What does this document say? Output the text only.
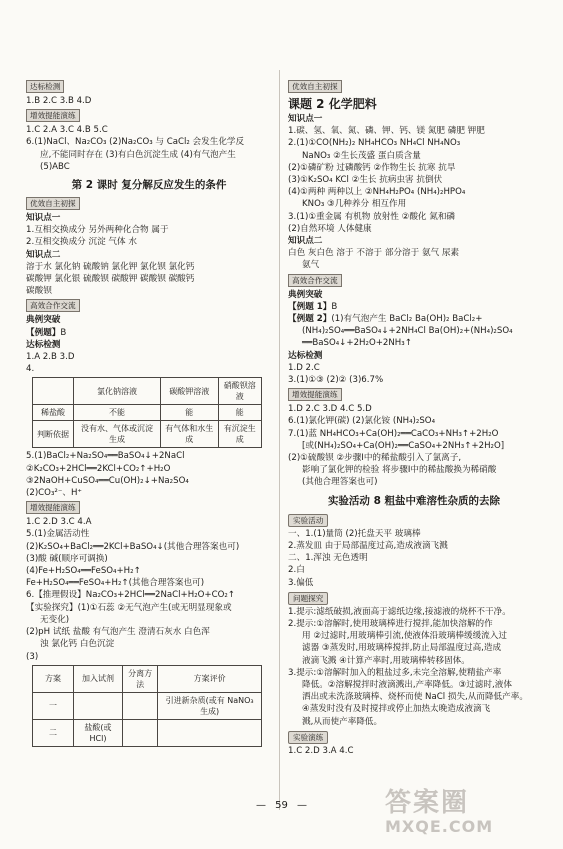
达标检测
1.B 2.C 3.B 4.D
增效提能演练
1.C 2.A 3.C 4.B 5.C
6.(1)NaCl、Na₂CO₃ (2)Na₂CO₃ 与 CaCl₂ 会发生化学反
应,不能同时存在 (3)有白色沉淀生成 (4)有气泡产生
(5)ABC
第 2 课时 复分解反应发生的条件
优效自主初探
知识点一
1.互相交换成分 另外两种化合物 属于
2.互相交换成分 沉淀 气体 水
知识点二
溶于水 氯化钠 硫酸钠 氯化钾 氯化钡 氯化钙
碳酸钾 氯化银 硫酸钡 碳酸钾 碳酸钡 碳酸钙
碳酸钡
高效合作交流
典例突破
【例题】B
达标检测
1.A 2.B 3.D
4.
	氯化钠溶液	碳酸钾溶液	硝酸钡溶液
稀盐酸	不能	能	能
判断依据	没有水、气体或沉淀生成	有气体和水生成	有沉淀生成
5.(1)BaCl₂+Na₂SO₄══BaSO₄↓+2NaCl
②K₂CO₃+2HCl══2KCl+CO₂↑+H₂O
③2NaOH+CuSO₄══Cu(OH)₂↓+Na₂SO₄
(2)CO₃²⁻、H⁺
增效提能演练
1.C 2.D 3.C 4.A
5.(1)金属活动性
(2)K₂SO₄+BaCl₂══2KCl+BaSO₄↓(其他合理答案也可)
(3)酸 碱(顺序可调换)
(4)Fe+H₂SO₄══FeSO₄+H₂↑
Fe+H₂SO₄══FeSO₄+H₂↑(其他合理答案也可)
6.【推理假设】Na₂CO₃+2HCl══2NaCl+H₂O+CO₂↑
【实验探究】(1)①石蕊 ②无气泡产生(或无明显现象或
无变化)
(2)pH 试纸 盐酸 有气泡产生 澄清石灰水 白色浑
浊 氯化钙 白色沉淀
(3)
方案	加入试剂	分离方法	方案评价
一			引进新杂质(或有 NaNO₃ 生成)
二	盐酸(或 HCl)		
优效自主初探
课题 2 化学肥料
知识点一
1.碳、氢、氧、氮、磷、钾、钙、镁 氮肥 磷肥 钾肥
2.(1)①CO(NH₂)₂ NH₄HCO₃ NH₄Cl NH₄NO₃
NaNO₃ ②生长茂盛 蛋白质含量
(2)①磷矿粉 过磷酸钙 ②作物生长 抗寒 抗旱
(3)①K₂SO₄ KCl ②生长 抗病虫害 抗倒伏
(4)①两种 两种以上 ②NH₄H₂PO₄ (NH₄)₂HPO₄
KNO₃ ③几种养分 相互作用
3.(1)①重金属 有机物 放射性 ②酸化 氮和磷
(2)自然环境 人体健康
知识点二
白色 灰白色 溶于 不溶于 部分溶于 氨气 尿素
氨气
高效合作交流
典例突破
【例题 1】B
【例题 2】(1)有气泡产生 BaCl₂ Ba(OH)₂ BaCl₂+
(NH₄)₂SO₄══BaSO₄↓+2NH₄Cl Ba(OH)₂+(NH₄)₂SO₄
══BaSO₄↓+2H₂O+2NH₃↑
达标检测
1.D 2.C
3.(1)①③ (2)② (3)6.7%
增效提能演练
1.D 2.C 3.D 4.C 5.D
6.(1)氯化钾(碳) (2)氯化铵 (NH₄)₂SO₄
7.(1)蓝 NH₄HCO₃+Ca(OH)₂══CaCO₃+NH₃↑+2H₂O
[或(NH₄)₂SO₄+Ca(OH)₂══CaSO₄+2NH₃↑+2H₂O]
(2)①硫酸钡 ②步骤Ⅰ中的稀盐酸引入了氯离子,
影响了氯化钾的检验 将步骤Ⅰ中的稀盐酸换为稀硝酸
(其他合理答案也可)
实验活动 8 粗盐中难溶性杂质的去除
实验活动
一、1.(1)量筒 (2)托盘天平 玻璃棒
2.蒸发皿 由于局部温度过高,造成液滴飞溅
二、1.浑浊 无色透明
2.白
3.偏低
问题探究
1.提示:滤纸破损,液面高于滤纸边缘,接滤液的烧杯不干净。
2.提示:①溶解时,使用玻璃棒进行搅拌,能加快溶解的作
用 ②过滤时,用玻璃棒引流,使液体沿玻璃棒缓缓流入过
滤器 ③蒸发时,用玻璃棒搅拌,防止局部温度过高,造成
液滴飞溅 ④计算产率时,用玻璃棒转移固体。
3.提示:①溶解时加入的粗盐过多,未完全溶解,使精盐产率
降低。②溶解搅拌时液滴溅出,产率降低。③过滤时,液体
洒出或未洗涤玻璃棒、烧杯而使 NaCl 损失,从而降低产率。
④蒸发时没有及时搅拌或停止加热太晚造成液滴飞
溅,从而使产率降低。
实验演练
1.C 2.D 3.A 4.C
— 59 —	答案圈
MXQE.COM
